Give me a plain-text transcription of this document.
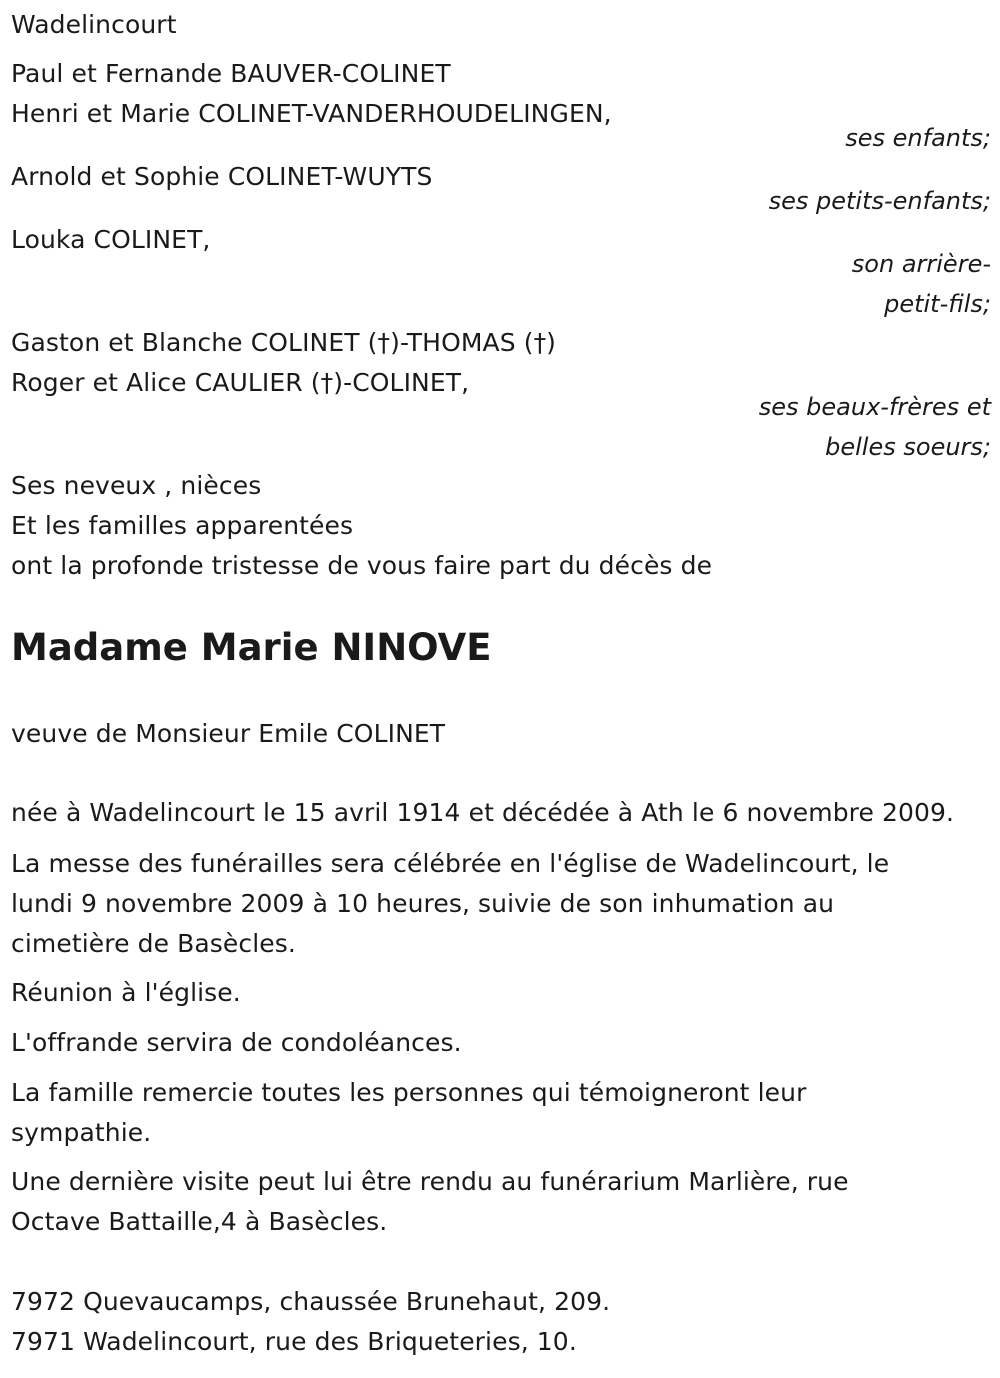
Wadelincourt
Paul et Fernande BAUVER-COLINET
Henri et Marie COLINET-VANDERHOUDELINGEN,
ses enfants;
Arnold et Sophie COLINET-WUYTS
ses petits-enfants;
Louka COLINET,
son arrière-
petit-fils;
Gaston et Blanche COLINET (†)-THOMAS (†)
Roger et Alice CAULIER (†)-COLINET,
ses beaux-frères et
belles soeurs;
Ses neveux , nièces
Et les familles apparentées
ont la profonde tristesse de vous faire part du décès de
Madame Marie NINOVE
veuve de Monsieur Emile COLINET
née à Wadelincourt le 15 avril 1914 et décédée à Ath le 6 novembre 2009.
La messe des funérailles sera célébrée en l'église de Wadelincourt, le
lundi 9 novembre 2009 à 10 heures, suivie de son inhumation au
cimetière de Basècles.
Réunion à l'église.
L'offrande servira de condoléances.
La famille remercie toutes les personnes qui témoigneront leur
sympathie.
Une dernière visite peut lui être rendu au funérarium Marlière, rue
Octave Battaille,4 à Basècles.
7972 Quevaucamps, chaussée Brunehaut, 209.
7971 Wadelincourt, rue des Briqueteries, 10.
